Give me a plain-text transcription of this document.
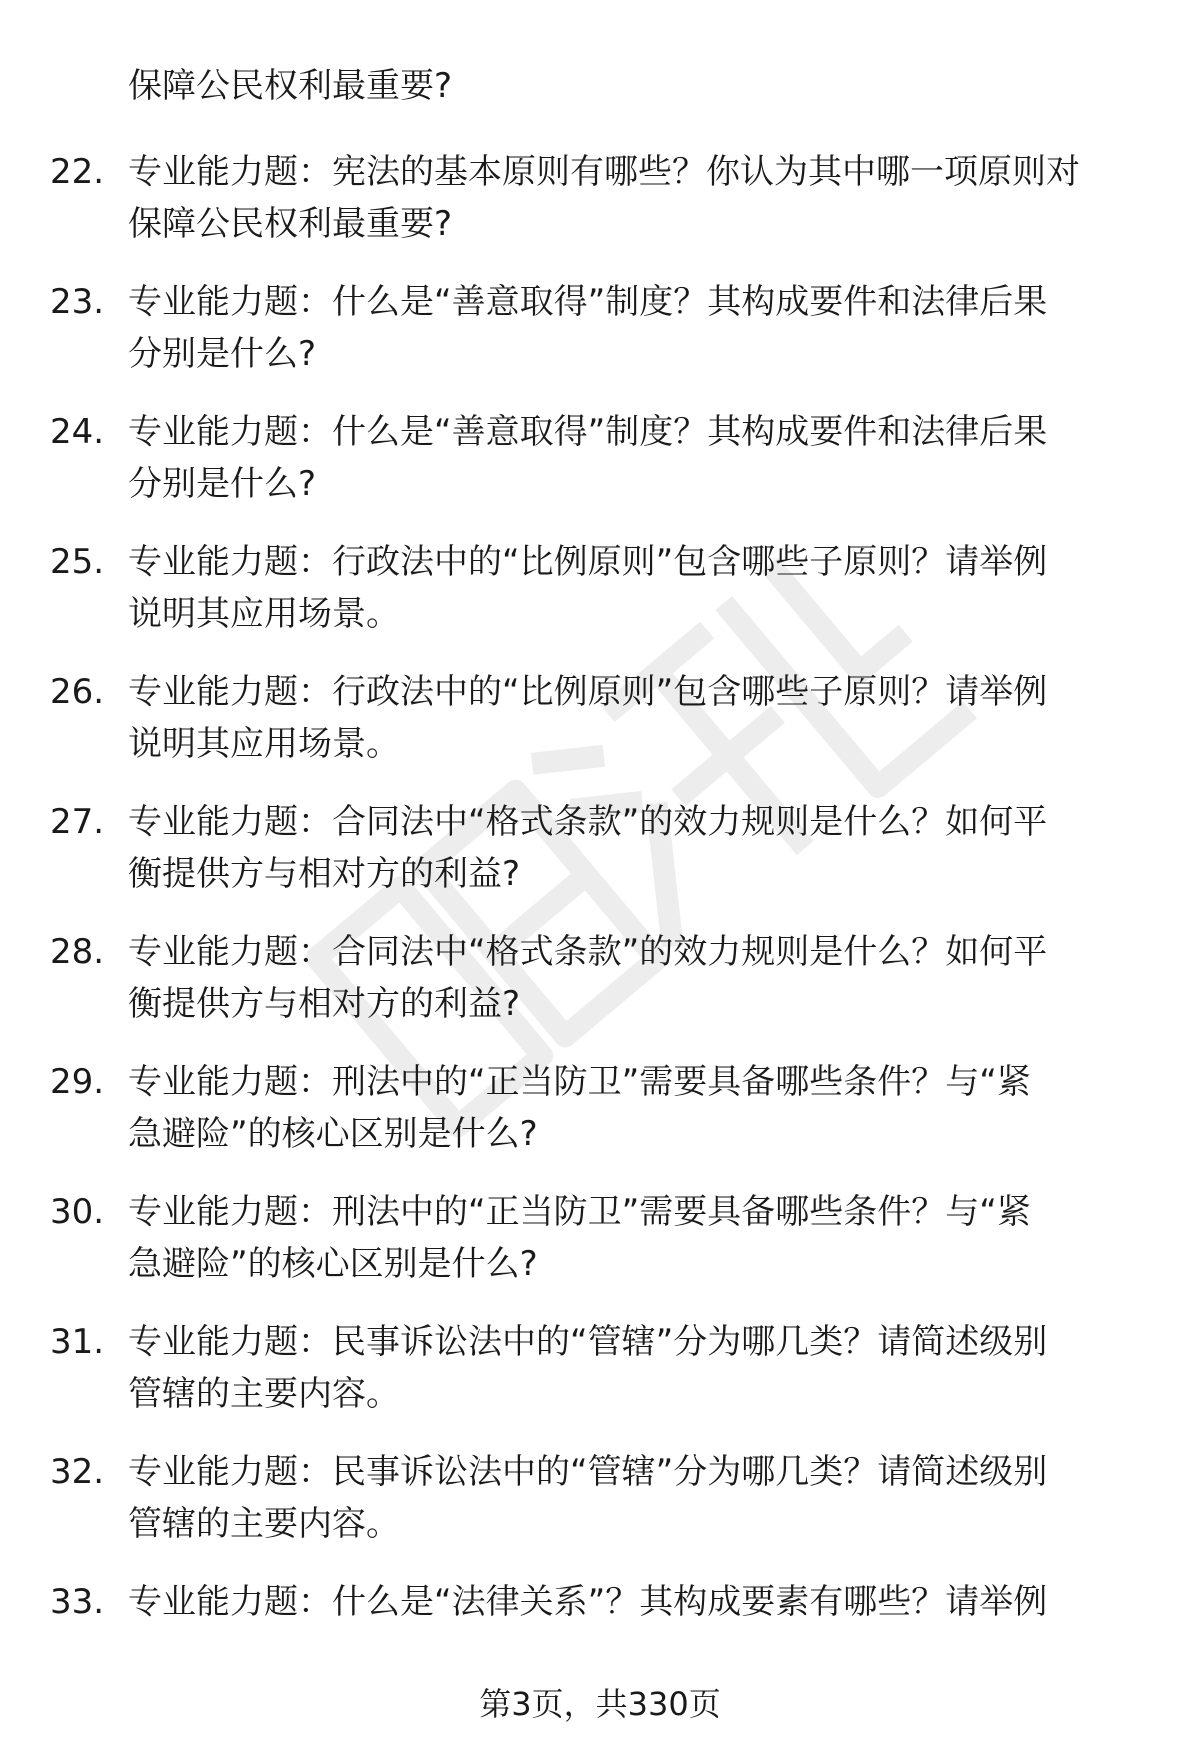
保障公民权利最重要?
22. 专业能力题：宪法的基本原则有哪些？你认为其中哪一项原则对
保障公民权利最重要?

23. 专业能力题：什么是“善意取得”制度？其构成要件和法律后果
分别是什么?

24. 专业能力题：什么是“善意取得”制度？其构成要件和法律后果
分别是什么?

25. 专业能力题：行政法中的“比例原则”包含哪些子原则？请举例
说明其应用场景。

26. 专业能力题：行政法中的“比例原则”包含哪些子原则？请举例
说明其应用场景。

27. 专业能力题：合同法中“格式条款”的效力规则是什么？如何平
衡提供方与相对方的利益?

28. 专业能力题：合同法中“格式条款”的效力规则是什么？如何平
衡提供方与相对方的利益?

29. 专业能力题：刑法中的“正当防卫”需要具备哪些条件？与“紧
急避险”的核心区别是什么?

30. 专业能力题：刑法中的“正当防卫”需要具备哪些条件？与“紧
急避险”的核心区别是什么?

31. 专业能力题：民事诉讼法中的“管辖”分为哪几类？请简述级别
管辖的主要内容。

32. 专业能力题：民事诉讼法中的“管辖”分为哪几类？请简述级别
管辖的主要内容。

33. 专业能力题：什么是“法律关系”？其构成要素有哪些？请举例

第3页，共330页
